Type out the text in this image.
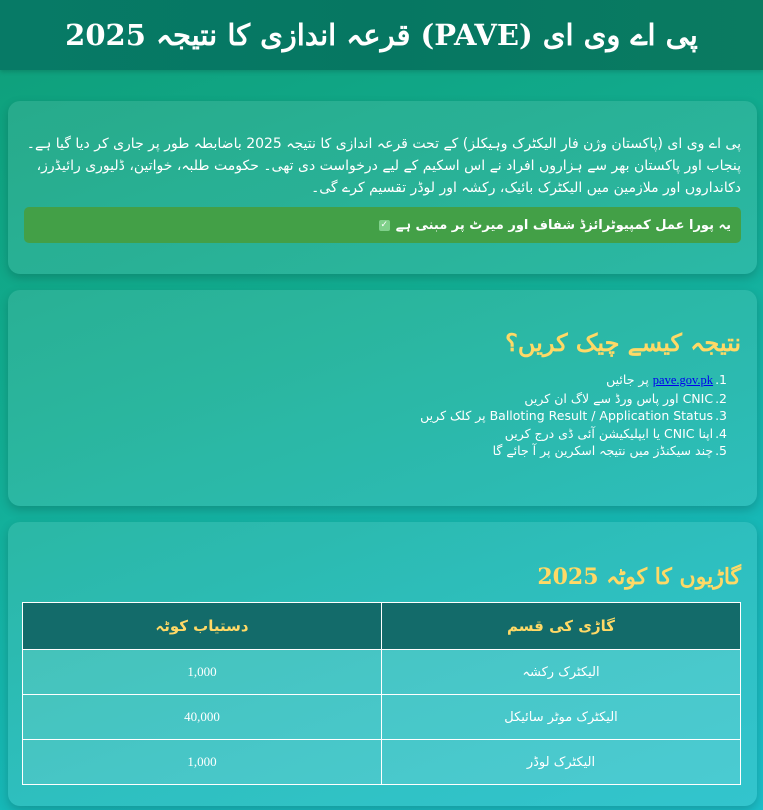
پی اے وی ای (PAVE) قرعہ اندازی کا نتیجہ 2025

پی اے وی ای (پاکستان وژن فار الیکٹرک وہیکلز) کے تحت قرعہ اندازی کا نتیجہ 2025 باضابطہ طور پر جاری کر دیا گیا ہے۔ پنجاب اور پاکستان بھر سے ہزاروں افراد نے اس اسکیم کے لیے درخواست دی تھی۔ حکومت طلبہ، خواتین، ڈلیوری رائیڈرز، دکانداروں اور ملازمین میں الیکٹرک بائیک، رکشہ اور لوڈر تقسیم کرے گی۔

یہ پورا عمل کمپیوٹرائزڈ شفاف اور میرٹ پر مبنی ہے
✓
نتیجہ کیسے چیک کریں؟
1.pave.gov.pk پر جائیں
2.CNIC اور پاس ورڈ سے لاگ ان کریں
3.Balloting Result / Application Status پر کلک کریں
4.اپنا CNIC یا ایپلیکیشن آئی ڈی درج کریں
5.چند سیکنڈز میں نتیجہ اسکرین پر آ جائے گا
گاڑیوں کا کوٹہ 2025
گاڑی کی قسم	دستیاب کوٹہ
الیکٹرک رکشہ	1,000
الیکٹرک موٹر سائیکل	40,000
الیکٹرک لوڈر	1,000
